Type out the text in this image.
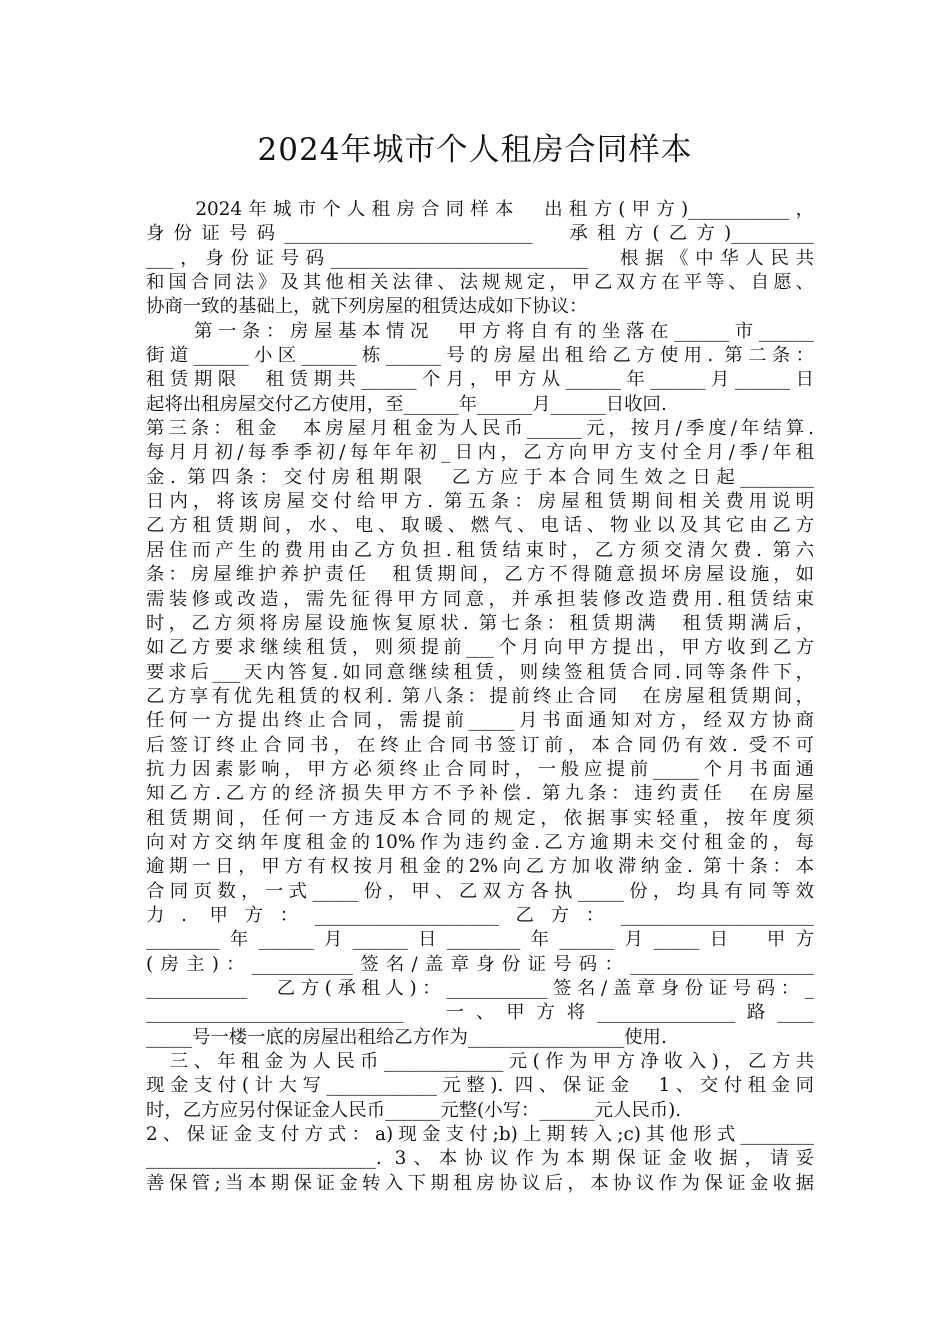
2024年城市个人租房合同样本
　　2024年城市个人租房合同样本　出租方(甲方)___________，
身份证号码___________________________　承租方(乙方)_________
___，身份证号码____________________________　根据《中华人民共
和国合同法》及其他相关法律、法规规定，甲乙双方在平等、自愿、
协商一致的基础上，就下列房屋的租赁达成如下协议：
　　第一条：房屋基本情况　甲方将自有的坐落在______市______
街道______小区______栋______号的房屋出租给乙方使用. 第二条：
租赁期限　租赁期共______个月，甲方从______年______月______日
起将出租房屋交付乙方使用，至______年______月______日收回.
第三条：租金　本房屋月租金为人民币______元，按月/季度/年结算.
每月月初/每季季初/每年年初_日内，乙方向甲方支付全月/季/年租
金. 第四条：交付房租期限　乙方应于本合同生效之日起________
日内，将该房屋交付给甲方. 第五条：房屋租赁期间相关费用说明
乙方租赁期间，水、电、取暖、燃气、电话、物业以及其它由乙方
居住而产生的费用由乙方负担.租赁结束时，乙方须交清欠费. 第六
条：房屋维护养护责任　租赁期间，乙方不得随意损坏房屋设施，如
需装修或改造，需先征得甲方同意，并承担装修改造费用.租赁结束
时，乙方须将房屋设施恢复原状. 第七条：租赁期满　租赁期满后，
如乙方要求继续租赁，则须提前___个月向甲方提出，甲方收到乙方
要求后___天内答复.如同意继续租赁，则续签租赁合同.同等条件下，
乙方享有优先租赁的权利. 第八条：提前终止合同　在房屋租赁期间，
任何一方提出终止合同，需提前_____月书面通知对方，经双方协商
后签订终止合同书，在终止合同书签订前，本合同仍有效. 受不可
抗力因素影响，甲方必须终止合同时，一般应提前_____个月书面通
知乙方.乙方的经济损失甲方不予补偿. 第九条：违约责任　在房屋
租赁期间，任何一方违反本合同的规定，依据事实轻重，按年度须
向对方交纳年度租金的10%作为违约金.乙方逾期未交付租金的，每
逾期一日，甲方有权按月租金的2%向乙方加收滞纳金. 第十条：本
合同页数，一式_____份，甲、乙双方各执_____份，均具有同等效
力. 甲方：____________________乙方：_____________________
________年______月______日________年______月_____日　甲方
(房主)：___________签名/盖章身份证号码：____________________
___________　乙方(承租人)：___________签名/盖章身份证号码：_
____________________________　一、甲方将_______________路____
_____号一楼一底的房屋出租给乙方作为_________________使用.
　三、年租金为人民币_____________元(作为甲方净收入)，乙方共
现金支付(计大写____________元整). 四、保证金　1、交付租金同
时，乙方应另付保证金人民币______元整(小写：______元人民币).
2、保证金支付方式：a)现金支付;b)上期转入;c)其他形式________
_________________________. 3、本协议作为本期保证金收据，请妥
善保管;当本期保证金转入下期租房协议后，本协议作为保证金收据
